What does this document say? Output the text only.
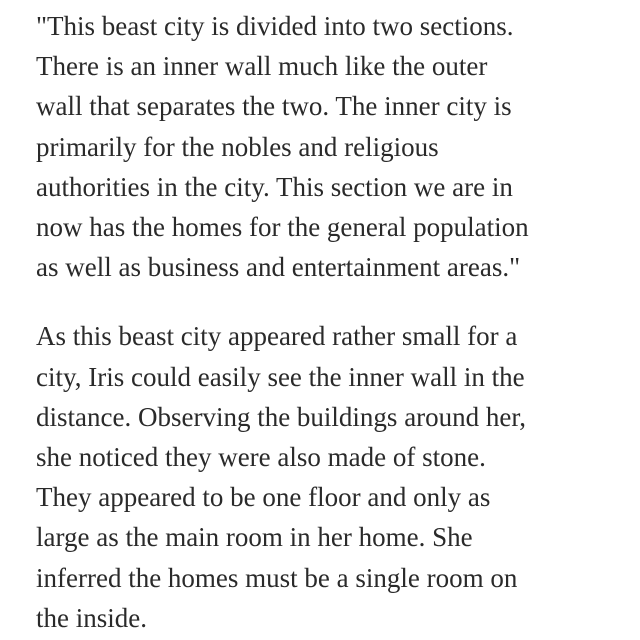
"This beast city is divided into two sections.
There is an inner wall much like the outer
wall that separates the two. The inner city is
primarily for the nobles and religious
authorities in the city. This section we are in
now has the homes for the general population
as well as business and entertainment areas."

As this beast city appeared rather small for a
city, Iris could easily see the inner wall in the
distance. Observing the buildings around her,
she noticed they were also made of stone.
They appeared to be one floor and only as
large as the main room in her home. She
inferred the homes must be a single room on
the inside.
